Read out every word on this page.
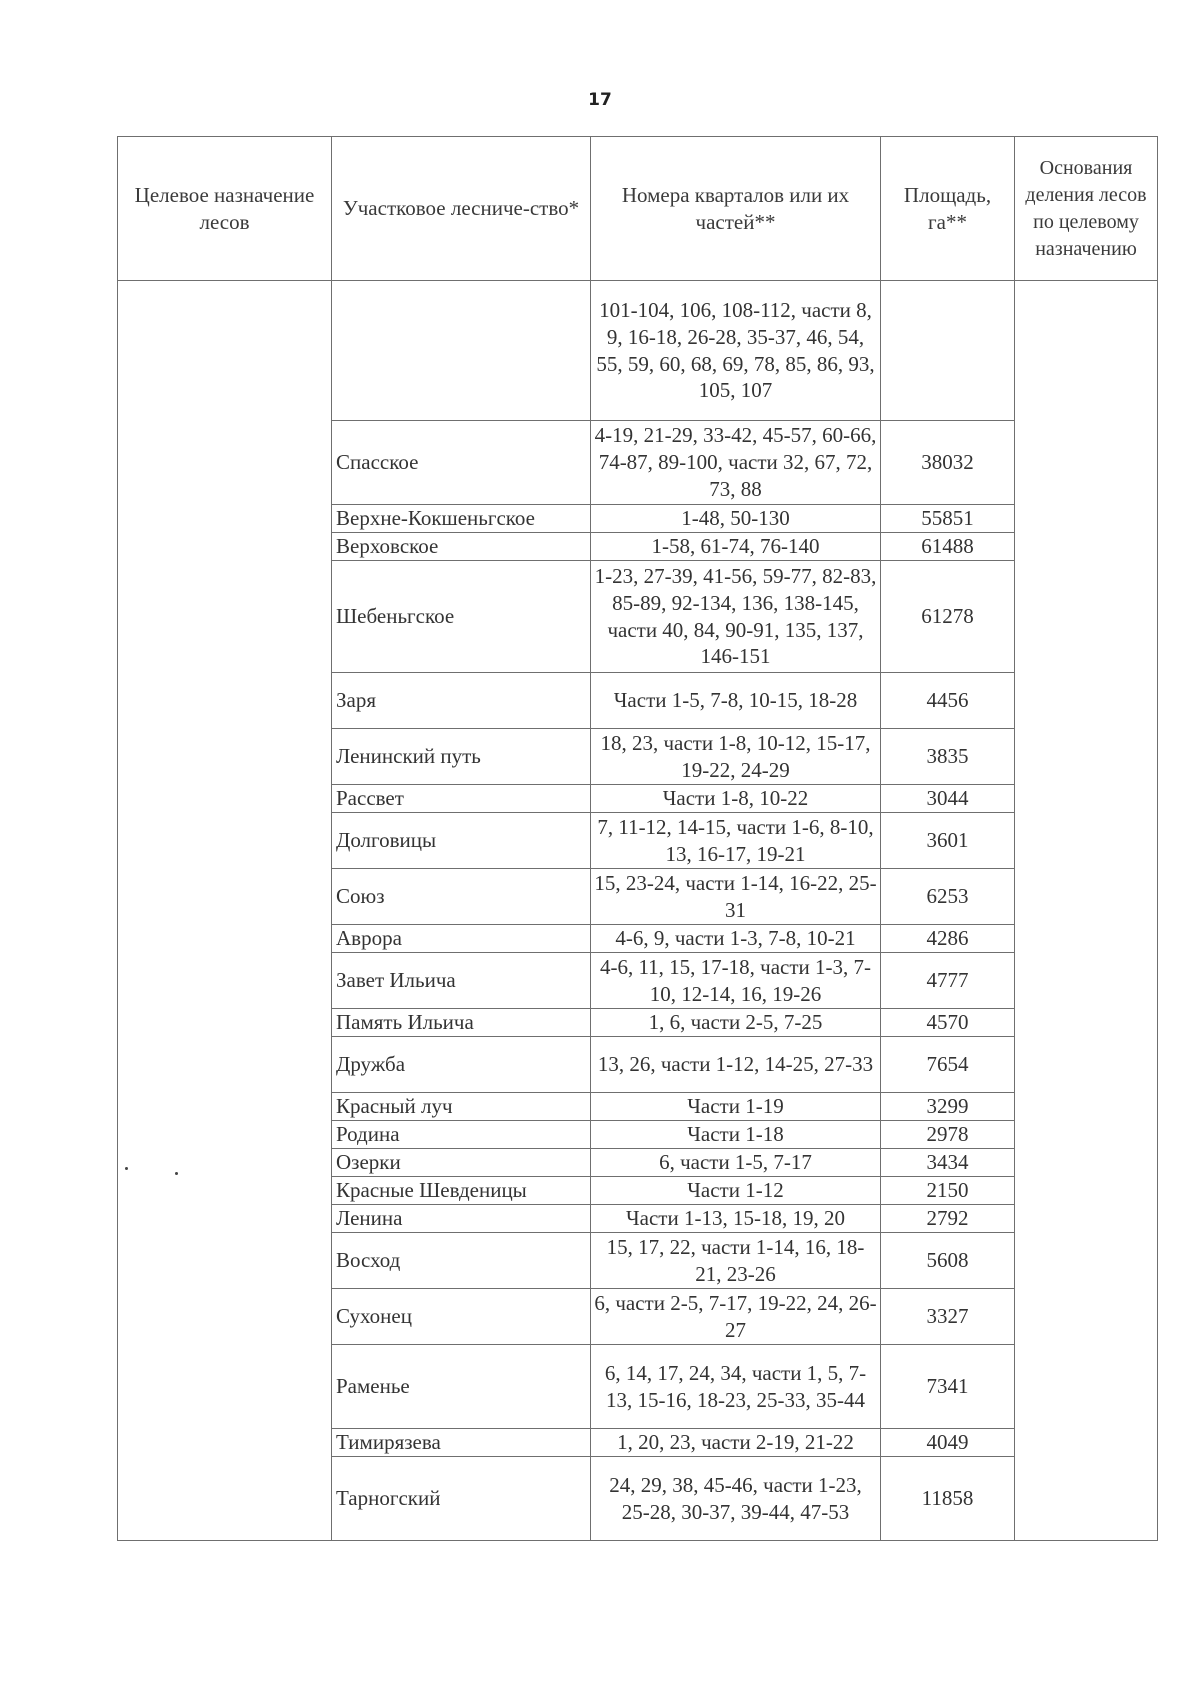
17
Целевое назначение лесов	Участковое лесниче-ство*	Номера кварталов или их частей**	Площадь, га**	Основания деления лесов по целевому назначению
		101-104, 106, 108-112, части 8, 9, 16-18, 26-28, 35-37, 46, 54, 55, 59, 60, 68, 69, 78, 85, 86, 93, 105, 107		
	Спасское	4-19, 21-29, 33-42, 45-57, 60-66, 74-87, 89-100, части 32, 67, 72, 73, 88	38032	
	Верхне-Кокшеньгское	1-48, 50-130	55851	
	Верховское	1-58, 61-74, 76-140	61488	
	Шебеньгское	1-23, 27-39, 41-56, 59-77, 82-83, 85-89, 92-134, 136, 138-145, части 40, 84, 90-91, 135, 137, 146-151	61278	
	Заря	Части 1-5, 7-8, 10-15, 18-28	4456	
	Ленинский путь	18, 23, части 1-8, 10-12, 15-17, 19-22, 24-29	3835	
	Рассвет	Части 1-8, 10-22	3044	
	Долговицы	7, 11-12, 14-15, части 1-6, 8-10, 13, 16-17, 19-21	3601	
	Союз	15, 23-24, части 1-14, 16-22, 25-31	6253	
	Аврора	4-6, 9, части 1-3, 7-8, 10-21	4286	
	Завет Ильича	4-6, 11, 15, 17-18, части 1-3, 7-10, 12-14, 16, 19-26	4777	
	Память Ильича	1, 6, части 2-5, 7-25	4570	
	Дружба	13, 26, части 1-12, 14-25, 27-33	7654	
	Красный луч	Части 1-19	3299	
	Родина	Части 1-18	2978	
	Озерки	6, части 1-5, 7-17	3434	
	Красные Шевденицы	Части 1-12	2150	
	Ленина	Части 1-13, 15-18, 19, 20	2792	
	Восход	15, 17, 22, части 1-14, 16, 18-21, 23-26	5608	
	Сухонец	6, части 2-5, 7-17, 19-22, 24, 26-27	3327	
	Раменье	6, 14, 17, 24, 34, части 1, 5, 7-13, 15-16, 18-23, 25-33, 35-44	7341	
	Тимирязева	1, 20, 23, части 2-19, 21-22	4049	
	Тарногский	24, 29, 38, 45-46, части 1-23, 25-28, 30-37, 39-44, 47-53	11858	
